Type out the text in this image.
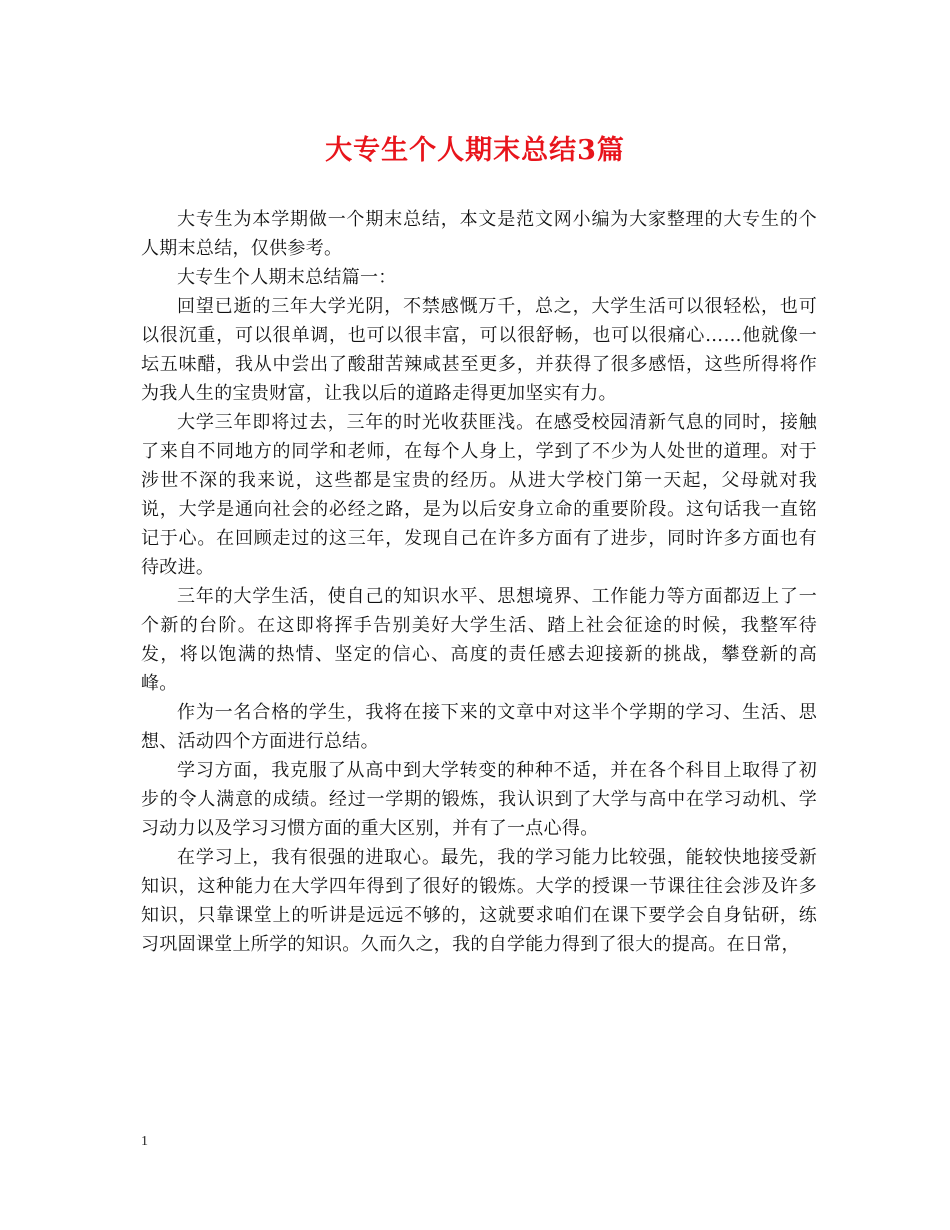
大专生个人期末总结3篇

大专生为本学期做一个期末总结，本文是范文网小编为大家整理的大专生的个人期末总结，仅供参考。

大专生个人期末总结篇一：

回望已逝的三年大学光阴，不禁感慨万千，总之，大学生活可以很轻松，也可以很沉重，可以很单调，也可以很丰富，可以很舒畅，也可以很痛心……他就像一坛五味醋，我从中尝出了酸甜苦辣咸甚至更多，并获得了很多感悟，这些所得将作为我人生的宝贵财富，让我以后的道路走得更加坚实有力。

大学三年即将过去，三年的时光收获匪浅。在感受校园清新气息的同时，接触了来自不同地方的同学和老师，在每个人身上，学到了不少为人处世的道理。对于涉世不深的我来说，这些都是宝贵的经历。从进大学校门第一天起，父母就对我说，大学是通向社会的必经之路，是为以后安身立命的重要阶段。这句话我一直铭记于心。在回顾走过的这三年，发现自己在许多方面有了进步，同时许多方面也有待改进。

三年的大学生活，使自己的知识水平、思想境界、工作能力等方面都迈上了一个新的台阶。在这即将挥手告别美好大学生活、踏上社会征途的时候，我整军待发，将以饱满的热情、坚定的信心、高度的责任感去迎接新的挑战，攀登新的高峰。

作为一名合格的学生，我将在接下来的文章中对这半个学期的学习、生活、思想、活动四个方面进行总结。

学习方面，我克服了从高中到大学转变的种种不适，并在各个科目上取得了初步的令人满意的成绩。经过一学期的锻炼，我认识到了大学与高中在学习动机、学习动力以及学习习惯方面的重大区别，并有了一点心得。

在学习上，我有很强的进取心。最先，我的学习能力比较强，能较快地接受新知识，这种能力在大学四年得到了很好的锻炼。大学的授课一节课往往会涉及许多知识，只靠课堂上的听讲是远远不够的，这就要求咱们在课下要学会自身钻研，练习巩固课堂上所学的知识。久而久之，我的自学能力得到了很大的提高。在日常，

1
